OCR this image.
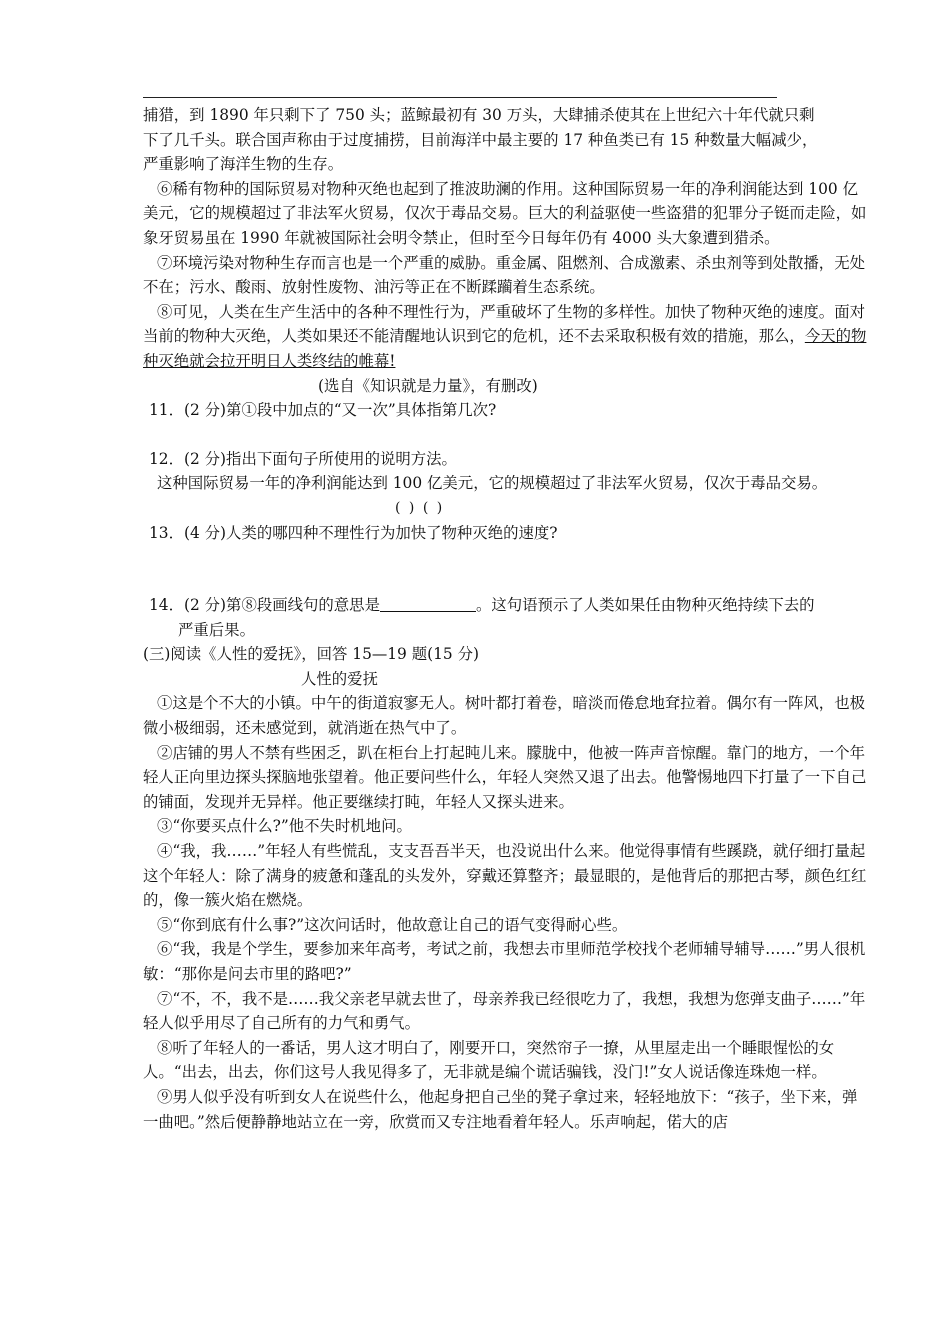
捕猎，到 1890 年只剩下了 750 头；蓝鲸最初有 30 万头，大肆捕杀使其在上世纪六十年代就只剩

下了几千头。联合国声称由于过度捕捞，目前海洋中最主要的 17 种鱼类已有 15 种数量大幅减少，

严重影响了海洋生物的生存。

⑥稀有物种的国际贸易对物种灭绝也起到了推波助澜的作用。这种国际贸易一年的净利润能达到 100 亿美元，它的规模超过了非法军火贸易，仅次于毒品交易。巨大的利益驱使一些盗猎的犯罪分子铤而走险，如象牙贸易虽在 1990 年就被国际社会明令禁止，但时至今日每年仍有 4000 头大象遭到猎杀。

⑦环境污染对物种生存而言也是一个严重的威胁。重金属、阻燃剂、合成激素、杀虫剂等到处散播，无处不在；污水、酸雨、放射性废物、油污等正在不断蹂躏着生态系统。

⑧可见，人类在生产生活中的各种不理性行为，严重破坏了生物的多样性。加快了物种灭绝的速度。面对当前的物种大灭绝，人类如果还不能清醒地认识到它的危机，还不去采取积极有效的措施，那么，今天的物种灭绝就会拉开明日人类终结的帷幕!

(选自《知识就是力量》，有删改)

11．(2 分)第①段中加点的“又一次”具体指第几次?

12．(2 分)指出下面句子所使用的说明方法。

这种国际贸易一年的净利润能达到 100 亿美元，它的规模超过了非法军火贸易，仅次于毒品交易。

( ) ( )

13．(4 分)人类的哪四种不理性行为加快了物种灭绝的速度?

14．(2 分)第⑧段画线句的意思是	。这句语预示了人类如果任由物种灭绝持续下去的

严重后果。

(三)阅读《人性的爱抚》，回答 15—19 题(15 分)

人性的爱抚

①这是个不大的小镇。中午的街道寂寥无人。树叶都打着卷，暗淡而倦怠地耷拉着。偶尔有一阵风，也极微小极细弱，还未感觉到，就消逝在热气中了。

②店铺的男人不禁有些困乏，趴在柜台上打起盹儿来。朦胧中，他被一阵声音惊醒。靠门的地方，一个年轻人正向里边探头探脑地张望着。他正要问些什么，年轻人突然又退了出去。他警惕地四下打量了一下自己的铺面，发现并无异样。他正要继续打盹，年轻人又探头进来。

③“你要买点什么?”他不失时机地问。

④“我，我……”年轻人有些慌乱，支支吾吾半天，也没说出什么来。他觉得事情有些蹊跷，就仔细打量起这个年轻人：除了满身的疲惫和蓬乱的头发外，穿戴还算整齐；最显眼的，是他背后的那把古琴，颜色红红的，像一簇火焰在燃烧。

⑤“你到底有什么事?”这次问话时，他故意让自己的语气变得耐心些。

⑥“我，我是个学生，要参加来年高考，考试之前，我想去市里师范学校找个老师辅导辅导……”男人很机敏：“那你是问去市里的路吧?”

⑦“不，不，我不是……我父亲老早就去世了，母亲养我已经很吃力了，我想，我想为您弹支曲子……”年轻人似乎用尽了自己所有的力气和勇气。

⑧听了年轻人的一番话，男人这才明白了，刚要开口，突然帘子一撩，从里屋走出一个睡眼惺忪的女人。“出去，出去，你们这号人我见得多了，无非就是编个谎话骗钱，没门!”女人说话像连珠炮一样。

⑨男人似乎没有听到女人在说些什么，他起身把自己坐的凳子拿过来，轻轻地放下：“孩子，坐下来，弹一曲吧。”然后便静静地站立在一旁，欣赏而又专注地看着年轻人。乐声响起，偌大的店
